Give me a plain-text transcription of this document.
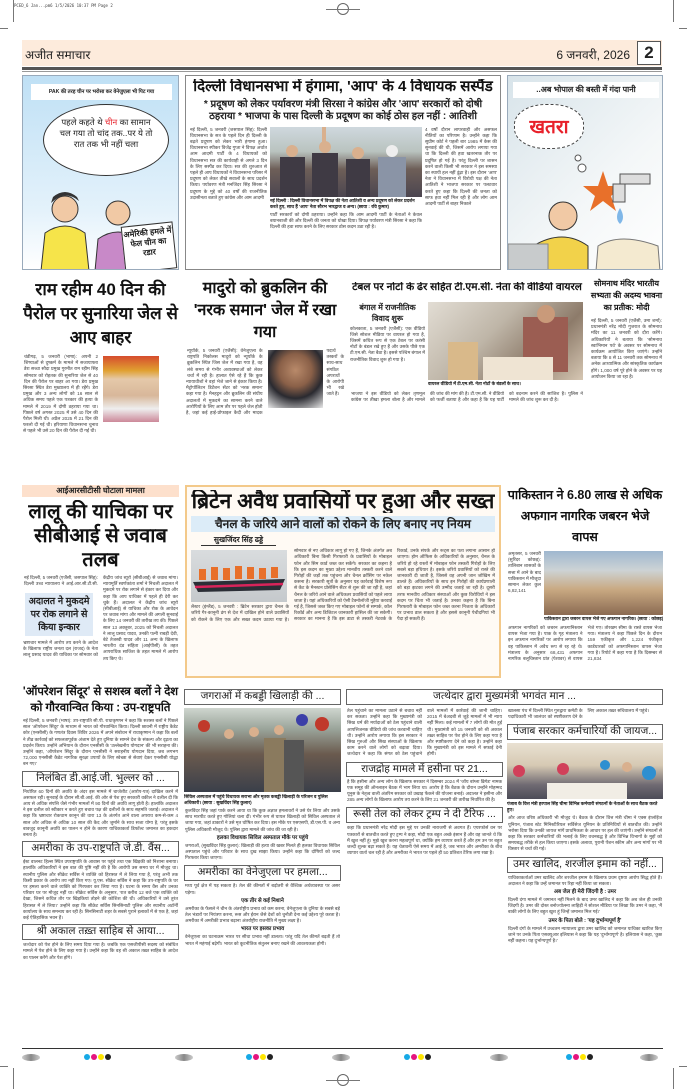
PCED_6 Jan...pm6 1/5/2026 10:37 PM Page 2
अजीत समाचार	6 जनवरी, 2026 2
PAK की तरह चीन पर भरोसा कर वेनेजुएला भी पिट गया
पहले कहते थे चीन का सामान चल गया तो चांद तक..पर ये तो रात तक भी नहीं चला
अमेरिकी हमले में फेल चीन का रडार
दिल्ली विधानसभा में हंगामा, 'आप' के 4 विधायक सस्पैंड
* प्रदूषण को लेकर पर्यावरण मंत्री सिरसा ने कांग्रेस और 'आप' सरकारों को दोषी ठहराया * भाजपा के पास दिल्ली के प्रदूषण का कोई ठोस हल नहीं : आतिशी
नई दिल्ली, 5 जनवरी (जसपाल सिंह): दिल्ली विधानसभा के सत्र के पहले दिन ही दिल्ली के बढ़ते प्रदूषण को लेकर भारी हंगामा हुआ। विधानसभा स्पीकर विजेंद्र गुप्ता ने विपक्ष अर्थात आम आदमी पार्टी के 4 विधायकों को विधानसभा सत्र की कार्यवाही से अगले 3 दिन के लिए सस्पैंड कर दिया। सत्र की शुरुआत से पहले ही आप विधायकों ने विधानसभा परिसर में प्रदूषण को लेकर तीखे सवालों के साथ प्रदर्शन किया। पर्यावरण मंत्री मनजिंदर सिंह सिरसा ने प्रदूषण के मुद्दे को 40 वर्षों की राजनीतिक उदासीनता बताते हुए कांग्रेस और आम आदमी
नई दिल्ली : दिल्ली विधानसभा में विपक्ष की नेता आतिशी व अन्य प्रदूषण को लेकर प्रदर्शन करते हुए, साथ हैं 'आप' नेता सौरभ भारद्वाज व अन्य। (छाया : रवि कुमार)
पार्टी सरकारों को दोषी ठहराया। उन्होंने कहा कि आम आदमी पार्टी के नेताओं ने केवल बयानबाजी की और दिल्ली की जनता को धोखा दिया। विपक्ष पर्यावरण मंत्री सिरसा ने कहा कि दिल्ली की हवा साफ करने के लिए सरकार ठोस कदम उठा रही है।
4 वर्षों दौरान लापरवाही और असफल नीतियों का परिणाम है। उन्होंने कहा कि सुप्रीम कोर्ट ने पहली बार 1985 में केस की सुनवाई की थी, जिसमें आरोप लगाया गया था कि दिल्ली की हवा खतरनाक तौर पर प्रदूषित हो गई है। परंतु दिल्ली पर शासन करने वाली किसी भी सरकार ने इस समस्या का स्थायी हल नहीं ढूंढ़ा है। इस दौरान 'आप' नेता ने विधानसभा में विरोधी पक्ष की नेता आतिशी ने भाजपा सरकार पर पलटवार करते हुए कहा कि दिल्ली की जनता को साफ हवा नहीं मिल रही है और लोग आम आदमी पार्टी से बाहर निकाले
..अब भोपाल की बस्ती में गंदा पानी
खतरा
राम रहीम 40 दिन की पैरोल पर सुनारिया जेल से आए बाहर
चंडीगढ़, 5 जनवरी (भाषा): अपनी 2 शिष्याओं से दुष्कर्म के मामले में सजायाफ्ता डेरा सच्चा सौदा प्रमुख गुरमीत राम रहीम सिंह सोमवार को रोहतक की सुनारिया जेल से 40 दिन की पैरोल पर बाहर आ गया। डेरा प्रमुख सिरसा स्थित डेरा मुख्यालय में ही रहेंगे। डेरा प्रमुख और 3 अन्य लोगों को 16 साल से अधिक समय पहले एक पत्रकार की हत्या के मामले में 2019 में दोषी ठहराया गया था। पिछले वर्ष अगस्त 2025 में उसे 40 दिन की पैरोल मिली थी। अप्रैल 2025 में 21 दिन की फरलो दी गई थी। हरियाणा विधानसभा चुनाव से पहले भी उसे 20 दिन की पैरोल दी गई थी।
मादुरो को ब्रुकलिन की 'नरक समान' जेल में रखा गया
न्यूयॉर्क, 5 जनवरी (एजैंसी): वेनेजुएला के राष्ट्रपति निकोलस मादुरो को न्यूयॉर्क के ब्रुकलिन स्थित जिस जेल में रखा गया है, वह लंबे समय से गंभीर अव्यवस्थाओं को लेकर चर्चा में रही है। हालात ऐसे रहे हैं कि कुछ न्यायाधीशों ने वहां भेजे जाने से इंकार किया है। मैट्रोपॉलिटन डिटेंशन सेंटर को 'नरक समान' कहा गया है। मैनहट्टन और ब्रुकलिन की संघीय अदालतों में मुकदमे का सामना करने वाले आरोपियों के लिए आम तौर पर पहले जेल होती है, जहां कई हाई-प्रोफाइल कैदी और मादक पदार्थ तस्करों के साथ-साथ संगठित अपराधों के आरोपी भी रखे जाते हैं।
टेबल पर नोटों के ढेर सहित टी.एम.सी. नेता की वीडियो वायरल
बंगाल में राजनीतिक विवाद शुरू
कोलकाता, 5 जनवरी (एजैंसी): एक वीडियो जिसे सोशल मीडिया पर वायरल हो गया है, जिसमें कथित रूप से एक टेबल पर करंसी नोटों के बंडल रखे हुए हैं और उसके पीछे एक टी.एम.सी. नेता बैठा है। इससे पश्चिम बंगाल में राजनीतिक विवाद शुरू हो गया है।
वायरल वीडियो में टी.एम.सी. नेता नोटों के बंडलों के साथ।
भाजपा ने इस वीडियो को लेकर तृणमूल कांग्रेस पर तीखा हमला बोला है और मामले की जांच की मांग की है। टी.एम.सी. ने वीडियो को फर्जी बताया है और कहा है कि यह पार्टी को बदनाम करने की साजिश है। पुलिस ने मामले की जांच शुरू कर दी है।
सोमनाथ मंदिर भारतीय सभ्यता की अदम्य भावना का प्रतीक: मोदी
नई दिल्ली, 5 जनवरी (एजैंसी, उमा शर्मा): प्रधानमंत्री नरेंद्र मोदी गुजरात के सोमनाथ मंदिर का 11 जनवरी को दौरा करेंगे। अधिकारियों ने बताया कि 'सोमनाथ स्वाभिमान पर्व' के अवसर पर सोमनाथ में कार्यक्रम आयोजित किए जाएंगे। उन्होंने बताया कि 8 से 11 जनवरी तक सोमनाथ में अनेक आध्यात्मिक और सांस्कृतिक कार्यक्रम होंगे। 1,000 वर्ष पूरे होने के अवसर पर यह आयोजन किया जा रहा है।
आईआरसीटीसी घोटाला मामला
लालू की याचिका पर सीबीआई से जवाब तलब
अदालत ने मुकदमे पर रोक लगाने से किया इन्कार
नई दिल्ली, 5 जनवरी (एजैंसी, जसपाल सिंह): दिल्ली उच्च न्यायालय ने आई.आर.सी.टी.सी. भ्रष्टाचार मामले में आरोप तय करने के आदेश के खिलाफ राष्ट्रीय जनता दल (राजद) के नेता लालू प्रसाद यादव की याचिका पर सोमवार को केंद्रीय जांच ब्यूरो (सीबीआई) से जवाब मांगा। न्यायमूर्ति स्वर्णकांता शर्मा ने निचली अदालत में मुकदमे पर रोक लगाने से इंकार कर दिया और कहा कि आप याचिका में पहले ही देरी कर चुके हैं। अदालत ने केंद्रीय जांच ब्यूरो (सीबीआई) से याचिका और रोक के आवेदन पर जवाब मांगा और मामले की अगली सुनवाई के लिए 14 जनवरी की तारीख तय की। पिछले साल 13 अक्तूबर, 2025 को निचली अदालत ने लालू प्रसाद यादव, उनकी पत्नी राबड़ी देवी, बेटे तेजस्वी यादव और 11 अन्य के खिलाफ भारतीय दंड संहिता (आईपीसी) के तहत आपराधिक साजिश के तहत मामले में आरोप तय किए थे।
ब्रिटेन अवैध प्रवासियों पर हुआ और सख्त
चैनल के जरिये आने वालों को रोकने के लिए बनाए नए नियम
सुखजिंदर सिंह ढड्डे
लैस्टर (इंग्लैंड), 5 जनवरी : ब्रिटेन सरकार द्वारा चैनल के जरिये गैर-कानूनी ढंग से देश में दाखिल होने वाले प्रवासियों को रोकने के लिए एक और सख्त कदम उठाया गया है। सोमवार से नए अधिकार लागू हो गए हैं, जिनके अंतर्गत अब अधिकारी बिना किसी गिरफ्तारी के प्रवासियों के मोबाइल फोन और सिम कार्ड जब्त कर सकेंगे। सरकार का कहना है कि इस कदम का मुख्य उद्देश्य मानवीय तस्करी करने वाले गिरोहों की जड़ों तक पहुंचना और चैनल क्रॉसिंग पर नकेल कसना है। सरकारी सूत्रों के अनुसार यह कार्रवाई विशेष रूप से केंट के मैनस्टन प्रोसेसिंग सैंटर से शुरू की जा रही है, जहां चैनल के जरिये आने वाले अधिकतर प्रवासियों को पहले लाया जाता है। यहां अधिकारियों को ऐसी टैक्नोलॉजी मुहैया करवाई गई है, जिससे जब्त किए गए मोबाइल फोनों से सम्पर्क, कॉल रिकॉर्ड और अन्य डिजिटल जानकारी हासिल की जा सकेगी। सरकार का मानना है कि इस डाटा से तस्करी नेटवर्क के रिकार्ड, उनके संपर्क और रूट्स का पता लगाना आसान हो जाएगा। होम ऑफिस के अधिकारियों के अनुसार, चैनल के जरिये हो रहे रास्तों में मोबाइल फोन तस्करी गिरोहों के लिए सबसे बड़ा हथियार है। इसके जरिये प्रवासियों को रास्ते की जानकारी दी जाती है, जिससे वह अपनी जान जोखिम में डालते हैं। अधिकारियों के साथ इन गिरोहों की कार्यप्रणाली को बड़ा झटका लगने की उम्मीद जताई जा रही है। दूसरी तरफ मानवीय अधिकार संस्थाओं और कुछ विरोधियों ने इस कदम पर चिंता भी जताई है। उनका कहना है कि बिना गिरफ्तारी के मोबाइल फोन जब्त करना निजता के अधिकारों पर प्रभाव डाल सकता है और इससे कानूनी पेचीदगियां भी पैदा हो सकती हैं।
पाकिस्तान ने 6.80 लाख से अधिक अफगान नागरिक जबरन भेजे वापस
अमृतसर, 5 जनवरी (सुरिंदर कोछड़): तालिबान शासकों के सत्ता में आने के बाद पाकिस्तान में मौजूदा सामान लेकर कुल 6,82,141
पाकिस्तान द्वारा जबरन वापस भेजे गए अफगान नागरिक। (छाया : कोछड़)
अफगान नागरिकों को जबरन अफगानिस्तान वापस भेजा गया है। पाक के गृह मंत्रालय ने इन अफगान नागरिकों पर आरोप लगाया कि वह पाकिस्तान में अवैध रूप से रह रहे थे। मंत्रालय के अनुसार 68,431 अफगान नागरिक बलूचिस्तान प्रांत (पेशावर) से वापस भेजे गए। तोरखम सीमा के रास्ते वापस भेजा गया। मंत्रालय ने कहा पिछले दिन के दौरान 159 एकीकृत और 1,224 पंजीकृत कार्डधारकों को अफगानिस्तान वापस भेजा गया है। रिपोर्ट में कहा गया है कि दिसम्बर से 21,834
'ऑपरेशन सिंदूर' से सशस्त्र बलों ने देश को गौरवान्वित किया : उप-राष्ट्रपति
नई दिल्ली, 5 जनवरी (भाषा): उप-राष्ट्रपति सी.पी. राधाकृष्णन ने कहा कि सशस्त्र बलों ने पिछले साल 'ऑपरेशन सिंदूर' के माध्यम से भारत को गौरवान्वित किया। दिल्ली छावनी में राष्ट्रीय कैडेट कोर (एनसीसी) के गणतंत्र दिवस शिविर 2026 में अपने संबोधन में राधाकृष्णन ने कहा कि बलों ने तीव्र कार्रवाई को सफलतापूर्वक अंजाम देते हुए दुनिया के सामने देश के संकल्प और दृढ़ता का प्रदर्शन किया। उन्होंने अभियान के दौरान एनसीसी के 'उल्लेखनीय योगदान' की भी सराहना की। उन्होंने कहा, 'ऑपरेशन सिंदूर के दौरान एनसीसी ने सराहनीय योगदान दिया, जब लगभग 72,000 एनसीसी कैडेट नागरिक सुरक्षा उपायों के लिए स्वेच्छा से सेवाएं देकर एनसीसी योद्धा बन गए।'
निलंबित डी.आई.जी. भुल्लर को ...
निर्धारित 60 दिनों की अवधि के अंदर इस मामले में चार्जशीट (आरोप-पत्र) दाखिल करने में असफल रही। सुनवाई के दौरान सी.बी.आई. की ओर से पेश हुए सरकारी वकील ने दलील दी कि आय से अधिक संपत्ति जैसे गंभीर मामलों में 90 दिनों की अवधि लागू होती है। हालांकि अदालत ने इस दलील को स्वीकार न करते हुए बचाव पक्ष की दलीलों के साथ सहमति जताई। अदालत ने कहा कि भ्रष्टाचार रोकथाम कानून की धारा 13 के अंतर्गत आने वाला अपराध कम-से-कम 4 साल और अधिक से अधिक 10 साल की कैद और जुर्माने के साथ सजा योग्य है, परंतु इसके बावजूद कानूनी अवधि का पालन न होने के कारण याचिकाकर्ता डिफॉल्ट जमानत का हकदार बनता है।
अमरीका के उप-राष्ट्रपति जे.डी. वैंस...
ईस्ट वालनट हिल्स स्थित उपराष्ट्रपति के आवास पर पहुंचे तथा एक खिड़की को निशाना बनाया। हालांकि अधिकारियों ने इस बात की पुष्टि नहीं की है कि आरोपी उस समय घर में मौजूद था। स्थानीय पुलिस और सीक्रेट सर्विस ने व्यक्ति को हिरासत में ले लिया गया है, परंतु अभी तक किसी प्रकार के आरोप तय नहीं किए गए। यू.एस. सीक्रेट सर्विस ने कहा कि उप-राष्ट्रपति के घर पर हमला करने वाले व्यक्ति को गिरफ्तार कर लिया गया है। घटना के समय वैंस और उनका परिवार घर पर मौजूद नहीं था। सीक्रेट सर्विस के अनुसार, 'रात करीब 12 बजे एक व्यक्ति को देखा, जिसने कथित तौर पर खिड़कियां तोड़ने की कोशिश की थी। अधिकारियों ने उसे तुरंत हिरासत में ले लिया।' उन्होंने कहा कि सीक्रेट सर्विस सिनसिनाटी पुलिस और स्थानीय अटॉर्नी कार्यालय के साथ समन्वय कर रही है। सिनसिनाटी शहर के सबसे पुराने इलाकों में से एक है, जहां कई ऐतिहासिक भवन हैं।
श्री अकाल तख़्त साहिब से आया...
जत्थेदार को पेश होने के लिए समय दिया गया है। जबकि एक एसजीपीसी सदस्य को संबंधित मामले में पेश होने के लिए कहा गया है। उन्होंने कहा कि वह श्री अकाल तख़्त साहिब के आदेश का पालन करेंगे और पेश होंगे।
जगराओं में कबड्डी खिलाड़ी की ...
सिविल अस्पताल में पहुंचे विधायक सराभा और मृतक कबड्डी खिलाड़ी के परिजन व पुलिस अधिकारी। (छाया : सुखविंदर सिंह कुलार)
कुलविंदर सिंह जहां पार्क करने आया था कि कुछ अज्ञात हमलावरों ने उसे घेर लिया और उसके साथ मारपीट करते हुए गोलियां चला दीं। गंभीर रूप से घायल खिलाड़ी को सिविल अस्पताल ले जाया गया, जहां डाक्टरों ने उसे मृत घोषित कर दिया। इस मौके पर एसएसपी, डी.एस.पी. व अन्य पुलिस अधिकारी मौजूद थे। पुलिस द्वारा मामले की जांच की जा रही है।
हलका विधायक सिविल अस्पताल मौके पर पहुंचे
जगराओं, (सुखविंदर सिंह कुलार): खिलाड़ी की हत्या की खबर मिलते ही हलका विधायक सिविल अस्पताल पहुंचे और परिवार के साथ दुख साझा किया। उन्होंने कहा कि दोषियों को जल्द गिरफ्तार किया जाएगा।
अमरीका का वेनेजुएला पर हमला...
मध्य पूर्व क्षेत्र में पड़ सकता है। तेल की कीमतों में बढ़ोतरी से वैश्विक अर्थव्यवस्था पर असर पड़ेगा।
एक तीर से कई निशाने
अमरीका के फैसले ने चीन के अंतर्राष्ट्रीय प्रभाव को कम करना, वेनेजुएला के दुनिया के सबसे बड़े तेल भंडारों पर नियंत्रण करना, रूस और ईरान जैसे देशों को चुनौती देना कई उद्देश्य पूरे करता है। अमरीका में अमरीकी प्रभाव बढ़ाना अंतर्राष्ट्रीय राजनीति में मुख्य लक्ष्य है।
भारत पर इसका प्रभाव
वेनेजुएला का घटनाक्रम भारत पर सीधा प्रभाव नहीं डालता। परंतु यदि तेल कीमतें बढ़ती हैं तो भारत में महंगाई बढ़ेगी। भारत को कूटनीतिक संतुलन बनाए रखने की आवश्यकता होगी।
जत्थेदार द्वारा मुख्यमंत्री भगवंत मान ...
तेल पहुंचाने का मामला उठाने से बचाव नहीं कर सकता। उन्होंने कहा कि मुख्यमंत्री को सिख धर्म की मर्यादाओं को ठेस पहुंचाने वाली आपत्तिजनक वीडियो की जांच करवानी चाहिए थी। उन्होंने आरोप लगाया कि इस सरकार ने सिख गुरुओं और सिख संस्थाओं के खिलाफ काम करने वाले लोगों को बढ़ावा दिया। जत्थेदार ने कहा कि संगत को ठेस पहुंचाने वाले मामलों में कार्रवाई की जानी चाहिए। 2015 में बेअदबी से जुड़े मामलों में भी न्याय नहीं मिला। कई मामलों में 7 लोगों की मौत हुई थी। मुख्यमंत्री को 15 जनवरी को श्री अकाल तख़्त साहिब पर पेश होने के लिए कहा गया है और स्पष्टीकरण देने को कहा है। उन्होंने कहा कि मुख्यमंत्री को इस मामले में सफाई देनी होगी।
राजद्रोह मामले में हसीना पर 21...
है कि हसीना और अन्य लोग के खिलाफ सरकार ने दिसम्बर 2024 में 'जॉय बांग्ला ब्रिगेड' नामक एक समूह की ऑनलाइन बैठक में भाग लिया था। आरोप है कि बैठक के दौरान उन्होंने मोहम्मद यूनुस के नेतृत्व वाली अंतरिम सरकार को उखाड़ फेंकने की योजना बनाई। अदालत ने हसीना और 285 अन्य लोगों के खिलाफ आरोप तय करने के लिए 21 जनवरी की तारीख निर्धारित की है।
रूसी तेल को लेकर ट्रम्प ने दी टैरिफ ...
कहा कि प्रधानमंत्री नरेंद्र मोदी इस मुद्दे पर उनकी नाराजगी से अवगत हैं। एयरफोर्स वन पर पत्रकारों से बातचीत करते हुए ट्रम्प ने कहा, मोदी एक बहुत अच्छे इंसान हैं और वह जानते थे कि मैं खुश नहीं हूं। मुझे खुश करना महत्वपूर्ण था, क्योंकि हम व्यापार करते हैं और हम उन पर बहुत जल्दी शुल्क बढ़ा सकते हैं। यह चेतावनी ऐसे समय में आई है, जब भारत और अमरीका के बीच व्यापार वार्ता चल रही है और अमरीका ने भारत पर पहले ही 50 प्रतिशत टैरिफ लगा रखा है।
खालसा पंथ में दिल्ली स्थित गुरुद्वारा कमेटी के पदाधिकारी भी जालंधर को स्पष्टीकरण देने के लिए अकाल तख़्त सचिवालय में पहुंचे।
पंजाब सरकार कर्मचारियों की जायज...
पंजाब के वित्त मंत्री हरपाल सिंह चीमा विभिन्न कर्मचारी संगठनों के नेताओं के साथ बैठक करते हुए।
और आज वरिष्ठ अधिकारी भी मौजूद थे। बैठक के दौरान वित्त मंत्री चीमा ने एक्स इंप्लॉईज यूनियन, पंजाब स्टेट मिनिस्टीरियल सर्विसेज यूनियन के प्रतिनिधियों से बातचीत की। उन्होंने भरोसा दिया कि उनकी जायज मांगें प्राथमिकता के आधार पर हल की जाएंगी। उन्होंने संगठनों से कहा कि सरकार कर्मचारियों की भलाई के लिए वचनबद्ध है और विभिन्न विभागों के मुद्दों को समयबद्ध तरीके से हल किया जाएगा। इसके अलावा, पुरानी पेंशन स्कीम और अन्य मांगों पर भी विस्तार से चर्चा की गई।
उमर खालिद, शरजील इमाम को नहीं...
याचिकाकर्ताओं उमर खालिद और शरजील इमाम के खिलाफ प्रथम दृष्टया आरोप सिद्ध होते हैं। अदालत ने कहा कि उन्हें जमानत पर रिहा नहीं किया जा सकता।
अब जेल ही मेरी जिंदगी है : उमर
दिल्ली दंगा मामले में जमानत नहीं मिलने के बाद उमर खालिद ने कहा कि अब जेल ही उनकी जिंदगी है। उमर की दोस्त बनोज्योत्स्ना लाहिड़ी ने सोशल मीडिया पर लिखा कि उमर ने कहा, 'मैं बाकी लोगों के लिए बहुत खुश हूं जिन्हें जमानत मिल गई।'
उमर के पिता बोले : 'यह दुर्भाग्यपूर्ण है'
दिल्ली दंगों के मामले में उच्चतम न्यायालय द्वारा उमर खालिद को जमानत याचिका खारिज किए जाने पर उनके पिता एसक्यूआर इलियास ने कहा कि यह 'दुर्भाग्यपूर्ण' है। इलियास ने कहा, 'कुछ नहीं कहना। यह दुर्भाग्यपूर्ण है।'
